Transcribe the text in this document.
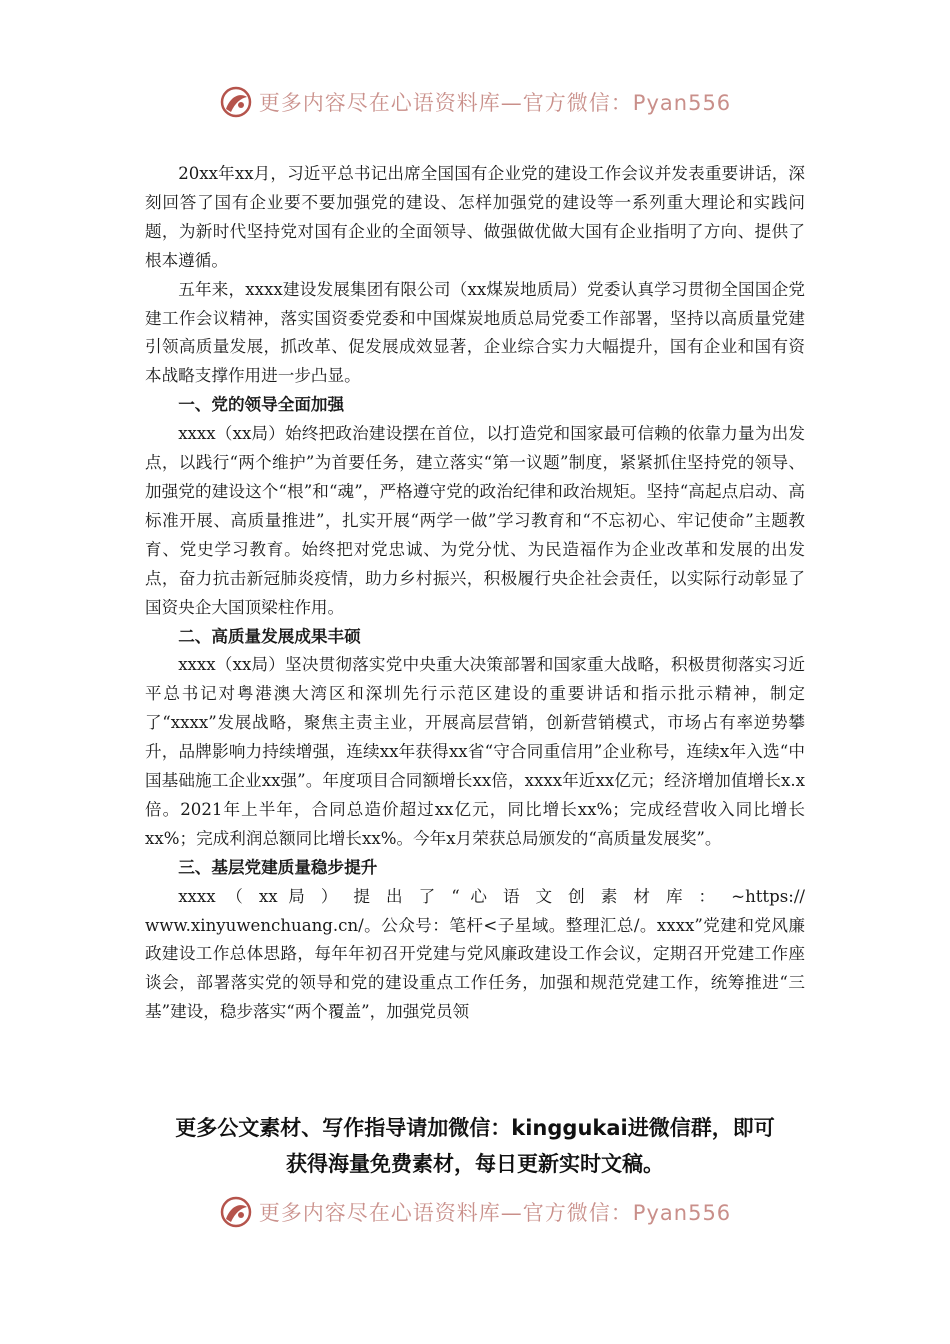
更多内容尽在心语资料库—官方微信：Pyan556

20xx年xx月，习近平总书记出席全国国有企业党的建设工作会议并发表重要讲话，深刻回答了国有企业要不要加强党的建设、怎样加强党的建设等一系列重大理论和实践问题，为新时代坚持党对国有企业的全面领导、做强做优做大国有企业指明了方向、提供了根本遵循。

五年来，xxxx建设发展集团有限公司（xx煤炭地质局）党委认真学习贯彻全国国企党建工作会议精神，落实国资委党委和中国煤炭地质总局党委工作部署，坚持以高质量党建引领高质量发展，抓改革、促发展成效显著，企业综合实力大幅提升，国有企业和国有资本战略支撑作用进一步凸显。

一、党的领导全面加强

xxxx（xx局）始终把政治建设摆在首位，以打造党和国家最可信赖的依靠力量为出发点，以践行“两个维护”为首要任务，建立落实“第一议题”制度，紧紧抓住坚持党的领导、加强党的建设这个“根”和“魂”，严格遵守党的政治纪律和政治规矩。坚持“高起点启动、高标准开展、高质量推进”，扎实开展“两学一做”学习教育和“不忘初心、牢记使命”主题教育、党史学习教育。始终把对党忠诚、为党分忧、为民造福作为企业改革和发展的出发点，奋力抗击新冠肺炎疫情，助力乡村振兴，积极履行央企社会责任，以实际行动彰显了国资央企大国顶梁柱作用。

二、高质量发展成果丰硕

xxxx（xx局）坚决贯彻落实党中央重大决策部署和国家重大战略，积极贯彻落实习近平总书记对粤港澳大湾区和深圳先行示范区建设的重要讲话和指示批示精神，制定了“xxxx”发展战略，聚焦主责主业，开展高层营销，创新营销模式，市场占有率逆势攀升，品牌影响力持续增强，连续xx年获得xx省“守合同重信用”企业称号，连续x年入选“中国基础施工企业xx强”。年度项目合同额增长xx倍，xxxx年近xx亿元；经济增加值增长x.x倍。2021年上半年，合同总造价超过xx亿元，同比增长xx%；完成经营收入同比增长xx%；完成利润总额同比增长xx%。今年x月荣获总局颁发的“高质量发展奖”。

三、基层党建质量稳步提升

xxxx （ xx 局 ） 提 出 了 “ 心 语 文 创 素 材 库 ： ~https://

www.xinyuwenchuang.cn/。公众号：笔杆<子星域。整理汇总/。xxxx”党建和党风廉政建设工作总体思路，每年年初召开党建与党风廉政建设工作会议，定期召开党建工作座谈会，部署落实党的领导和党的建设重点工作任务，加强和规范党建工作，统筹推进“三基”建设，稳步落实“两个覆盖”，加强党员领

更多公文素材、写作指导请加微信：kinggukai进微信群，即可
获得海量免费素材，每日更新实时文稿。
更多内容尽在心语资料库—官方微信：Pyan556
